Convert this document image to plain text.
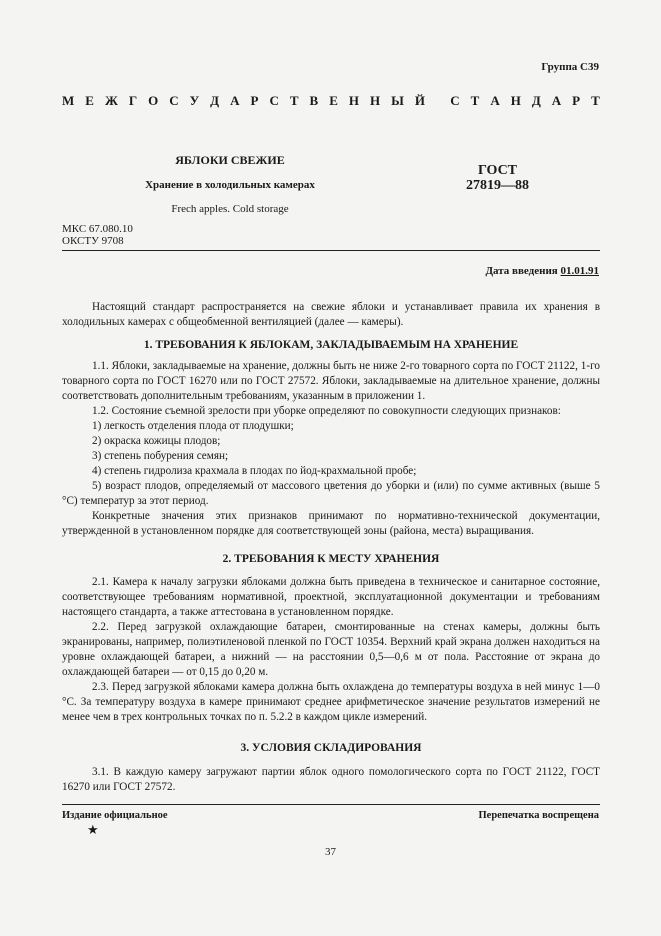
Группа С39
М Е Ж Г О С У Д А Р С Т В Е Н Н Ы Й
С Т А Н Д А Р Т
ЯБЛОКИ СВЕЖИЕ
Хранение в холодильных камерах
Frech apples. Cold storage
ГОСТ
27819—88
МКС 67.080.10
ОКСТУ 9708
Дата введения 01.01.91

Настоящий стандарт распространяется на свежие яблоки и устанавливает правила их хранения в холодильных камерах с общеобменной вентиляцией (далее — камеры).

1. ТРЕБОВАНИЯ К ЯБЛОКАМ, ЗАКЛАДЫВАЕМЫМ НА ХРАНЕНИЕ

1.1. Яблоки, закладываемые на хранение, должны быть не ниже 2-го товарного сорта по ГОСТ 21122, 1-го товарного сорта по ГОСТ 16270 или по ГОСТ 27572. Яблоки, закладываемые на длительное хранение, должны соответствовать дополнительным требованиям, указанным в приложении 1.

1.2. Состояние съемной зрелости при уборке определяют по совокупности следующих признаков:

1) легкость отделения плода от плодушки;

2) окраска кожицы плодов;

3) степень побурения семян;

4) степень гидролиза крахмала в плодах по йод-крахмальной пробе;

5) возраст плодов, определяемый от массового цветения до уборки и (или) по сумме активных (выше 5 °С) температур за этот период.

Конкретные значения этих признаков принимают по нормативно-технической документации, утвержденной в установленном порядке для соответствующей зоны (района, места) выращивания.

2. ТРЕБОВАНИЯ К МЕСТУ ХРАНЕНИЯ

2.1. Камера к началу загрузки яблоками должна быть приведена в техническое и санитарное состояние, соответствующее требованиям нормативной, проектной, эксплуатационной документации и требованиям настоящего стандарта, а также аттестована в установленном порядке.

2.2. Перед загрузкой охлаждающие батареи, смонтированные на стенах камеры, должны быть экранированы, например, полиэтиленовой пленкой по ГОСТ 10354. Верхний край экрана должен находиться на уровне охлаждающей батареи, а нижний — на расстоянии 0,5—0,6 м от пола. Расстояние от экрана до охлаждающей батареи — от 0,15 до 0,20 м.

2.3. Перед загрузкой яблоками камера должна быть охлаждена до температуры воздуха в ней минус 1—0 °С. За температуру воздуха в камере принимают среднее арифметическое значение результатов измерений не менее чем в трех контрольных точках по п. 5.2.2 в каждом цикле измерений.

3. УСЛОВИЯ СКЛАДИРОВАНИЯ

3.1. В каждую камеру загружают партии яблок одного помологического сорта по ГОСТ 21122, ГОСТ 16270 или ГОСТ 27572.

Издание официальное
★
Перепечатка воспрещена
37
